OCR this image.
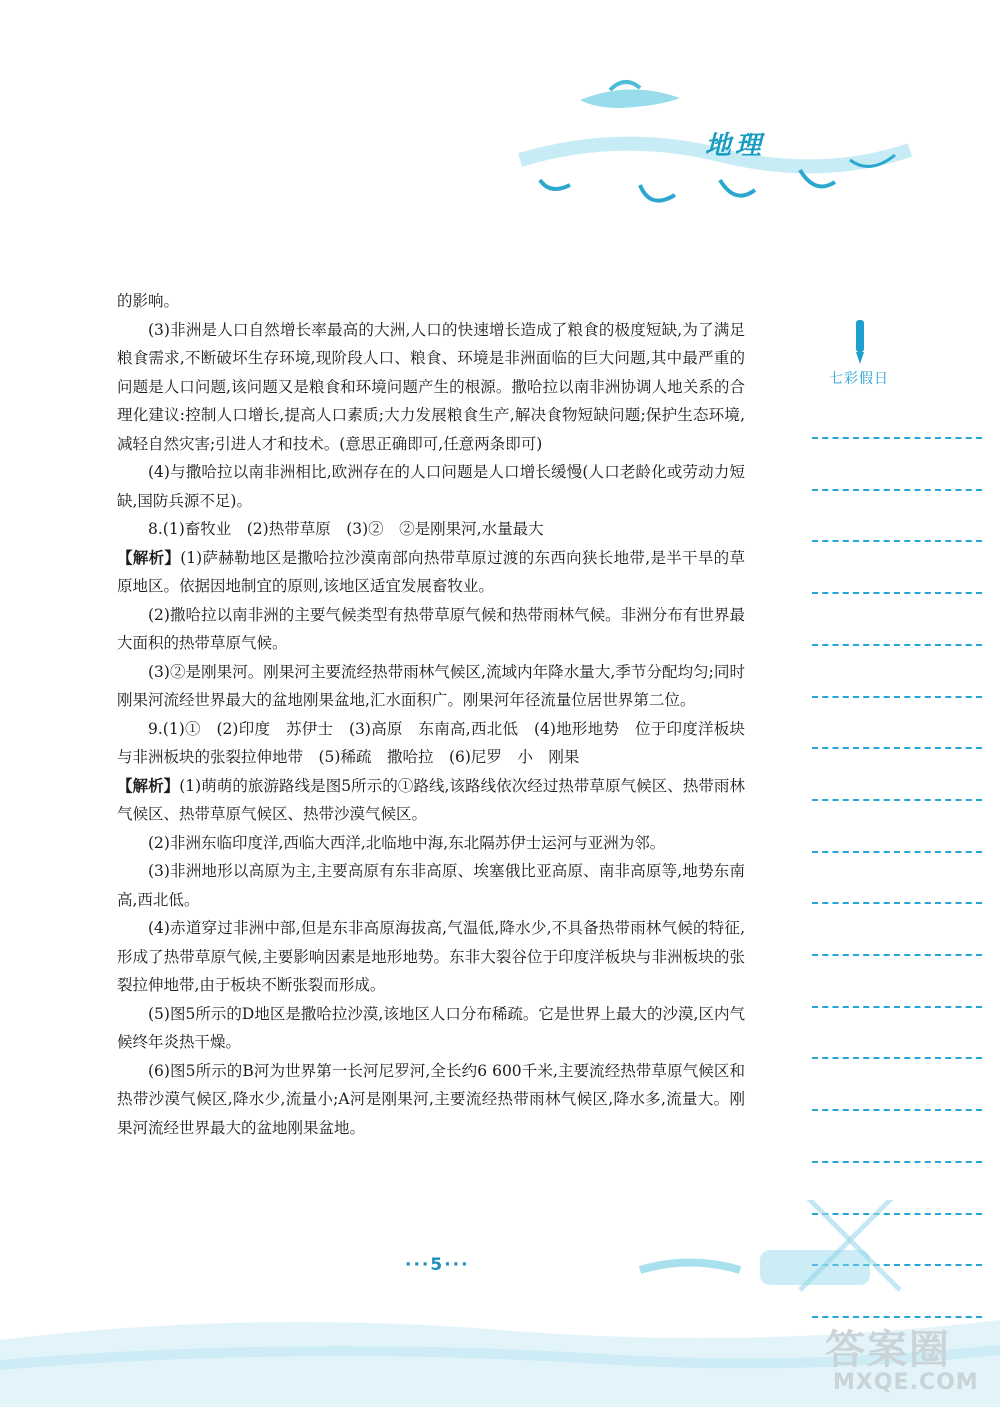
地理

的影响。

(3)非洲是人口自然增长率最高的大洲,人口的快速增长造成了粮食的极度短缺,为了满足粮食需求,不断破坏生存环境,现阶段人口、粮食、环境是非洲面临的巨大问题,其中最严重的问题是人口问题,该问题又是粮食和环境问题产生的根源。撒哈拉以南非洲协调人地关系的合理化建议:控制人口增长,提高人口素质;大力发展粮食生产,解决食物短缺问题;保护生态环境,减轻自然灾害;引进人才和技术。(意思正确即可,任意两条即可)

(4)与撒哈拉以南非洲相比,欧洲存在的人口问题是人口增长缓慢(人口老龄化或劳动力短缺,国防兵源不足)。

8.(1)畜牧业　(2)热带草原　(3)②　②是刚果河,水量最大

【解析】(1)萨赫勒地区是撒哈拉沙漠南部向热带草原过渡的东西向狭长地带,是半干旱的草原地区。依据因地制宜的原则,该地区适宜发展畜牧业。

(2)撒哈拉以南非洲的主要气候类型有热带草原气候和热带雨林气候。非洲分布有世界最大面积的热带草原气候。

(3)②是刚果河。刚果河主要流经热带雨林气候区,流域内年降水量大,季节分配均匀;同时刚果河流经世界最大的盆地刚果盆地,汇水面积广。刚果河年径流量位居世界第二位。

9.(1)①　(2)印度　苏伊士　(3)高原　东南高,西北低　(4)地形地势　位于印度洋板块与非洲板块的张裂拉伸地带　(5)稀疏　撒哈拉　(6)尼罗　小　刚果

【解析】(1)萌萌的旅游路线是图5所示的①路线,该路线依次经过热带草原气候区、热带雨林气候区、热带草原气候区、热带沙漠气候区。

(2)非洲东临印度洋,西临大西洋,北临地中海,东北隔苏伊士运河与亚洲为邻。

(3)非洲地形以高原为主,主要高原有东非高原、埃塞俄比亚高原、南非高原等,地势东南高,西北低。

(4)赤道穿过非洲中部,但是东非高原海拔高,气温低,降水少,不具备热带雨林气候的特征,形成了热带草原气候,主要影响因素是地形地势。东非大裂谷位于印度洋板块与非洲板块的张裂拉伸地带,由于板块不断张裂而形成。

(5)图5所示的D地区是撒哈拉沙漠,该地区人口分布稀疏。它是世界上最大的沙漠,区内气候终年炎热干燥。

(6)图5所示的B河为世界第一长河尼罗河,全长约6 600千米,主要流经热带草原气候区和热带沙漠气候区,降水少,流量小;A河是刚果河,主要流经热带雨林气候区,降水多,流量大。刚果河流经世界最大的盆地刚果盆地。

七彩假日
···5···
答案圈
MXQE.COM
